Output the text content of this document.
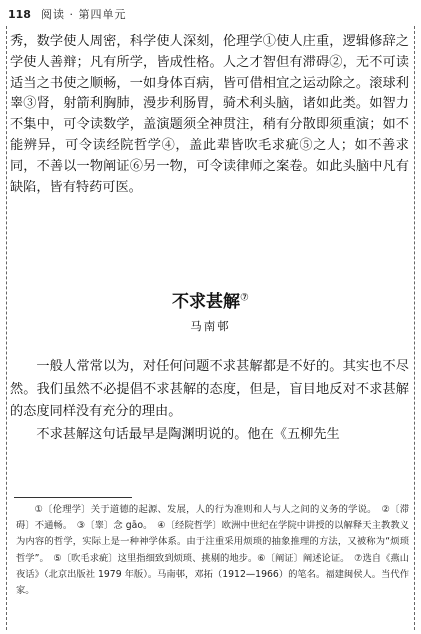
118 阅读 · 第四单元

秀，数学使人周密，科学使人深刻，伦理学①使人庄重，逻辑修辞之学使人善辩；凡有所学，皆成性格。人之才智但有滞碍②，无不可读适当之书使之顺畅，一如身体百病，皆可借相宜之运动除之。滚球利睾③肾，射箭利胸肺，漫步利肠胃，骑术利头脑，诸如此类。如智力不集中，可令读数学，盖演题须全神贯注，稍有分散即须重演；如不能辨异，可令读经院哲学④，盖此辈皆吹毛求疵⑤之人；如不善求同，不善以一物阐证⑥另一物，可令读律师之案卷。如此头脑中凡有缺陷，皆有特药可医。

不求甚解⑦
马南邨

一般人常常以为，对任何问题不求甚解都是不好的。其实也不尽然。我们虽然不必提倡不求甚解的态度，但是，盲目地反对不求甚解的态度同样没有充分的理由。

不求甚解这句话最早是陶渊明说的。他在《五柳先生

①〔伦理学〕关于道德的起源、发展，人的行为准则和人与人之间的义务的学说。　②〔滞碍〕不通畅。　③〔睾〕念 gāo。　④〔经院哲学〕欧洲中世纪在学院中讲授的以解释天主教教义为内容的哲学，实际上是一种神学体系。由于注重采用烦琐的抽象推理的方法，又被称为“烦琐哲学”。　⑤〔吹毛求疵〕这里指细致到烦琐、挑剔的地步。⑥〔阐证〕阐述论证。　⑦选自《燕山夜话》（北京出版社 1979 年版）。马南邨，邓拓（1912—1966）的笔名。福建闽侯人。当代作家。
